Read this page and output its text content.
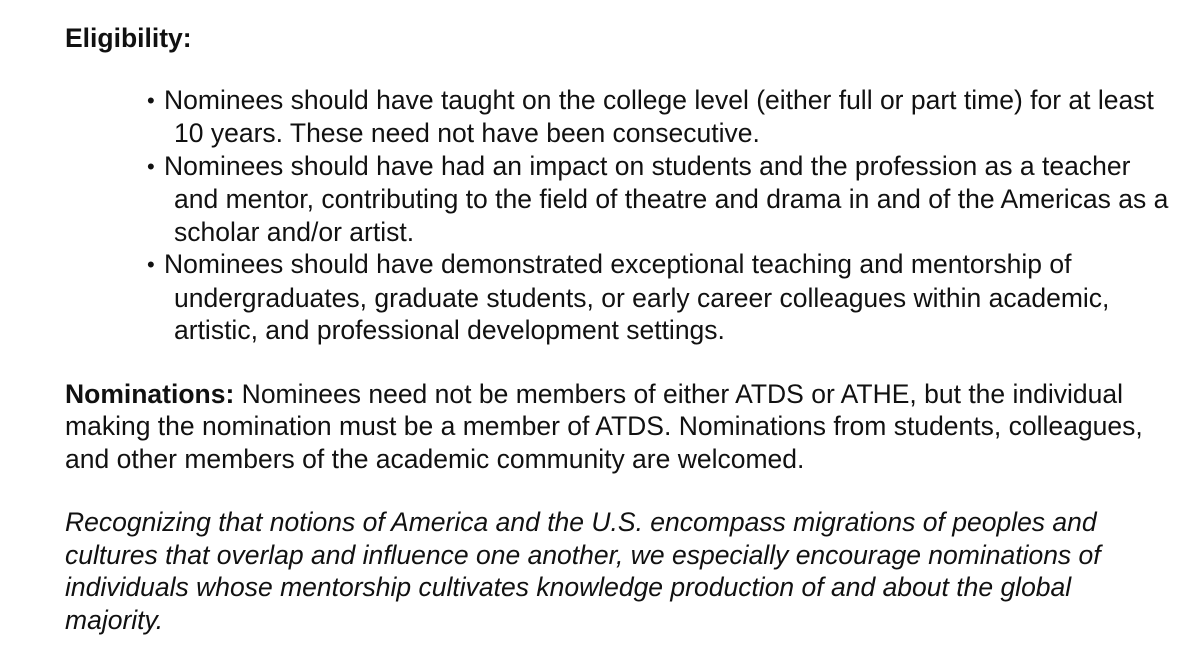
Eligibility:

• Nominees should have taught on the college level (either full or part time) for at least 10 years. These need not have been consecutive.
• Nominees should have had an impact on students and the profession as a teacher and mentor, contributing to the field of theatre and drama in and of the Americas as a scholar and/or artist.
• Nominees should have demonstrated exceptional teaching and mentorship of undergraduates, graduate students, or early career colleagues within academic, artistic, and professional development settings.

Nominations: Nominees need not be members of either ATDS or ATHE, but the individual making the nomination must be a member of ATDS. Nominations from students, colleagues, and other members of the academic community are welcomed.

Recognizing that notions of America and the U.S. encompass migrations of peoples and cultures that overlap and influence one another, we especially encourage nominations of individuals whose mentorship cultivates knowledge production of and about the global majority.
